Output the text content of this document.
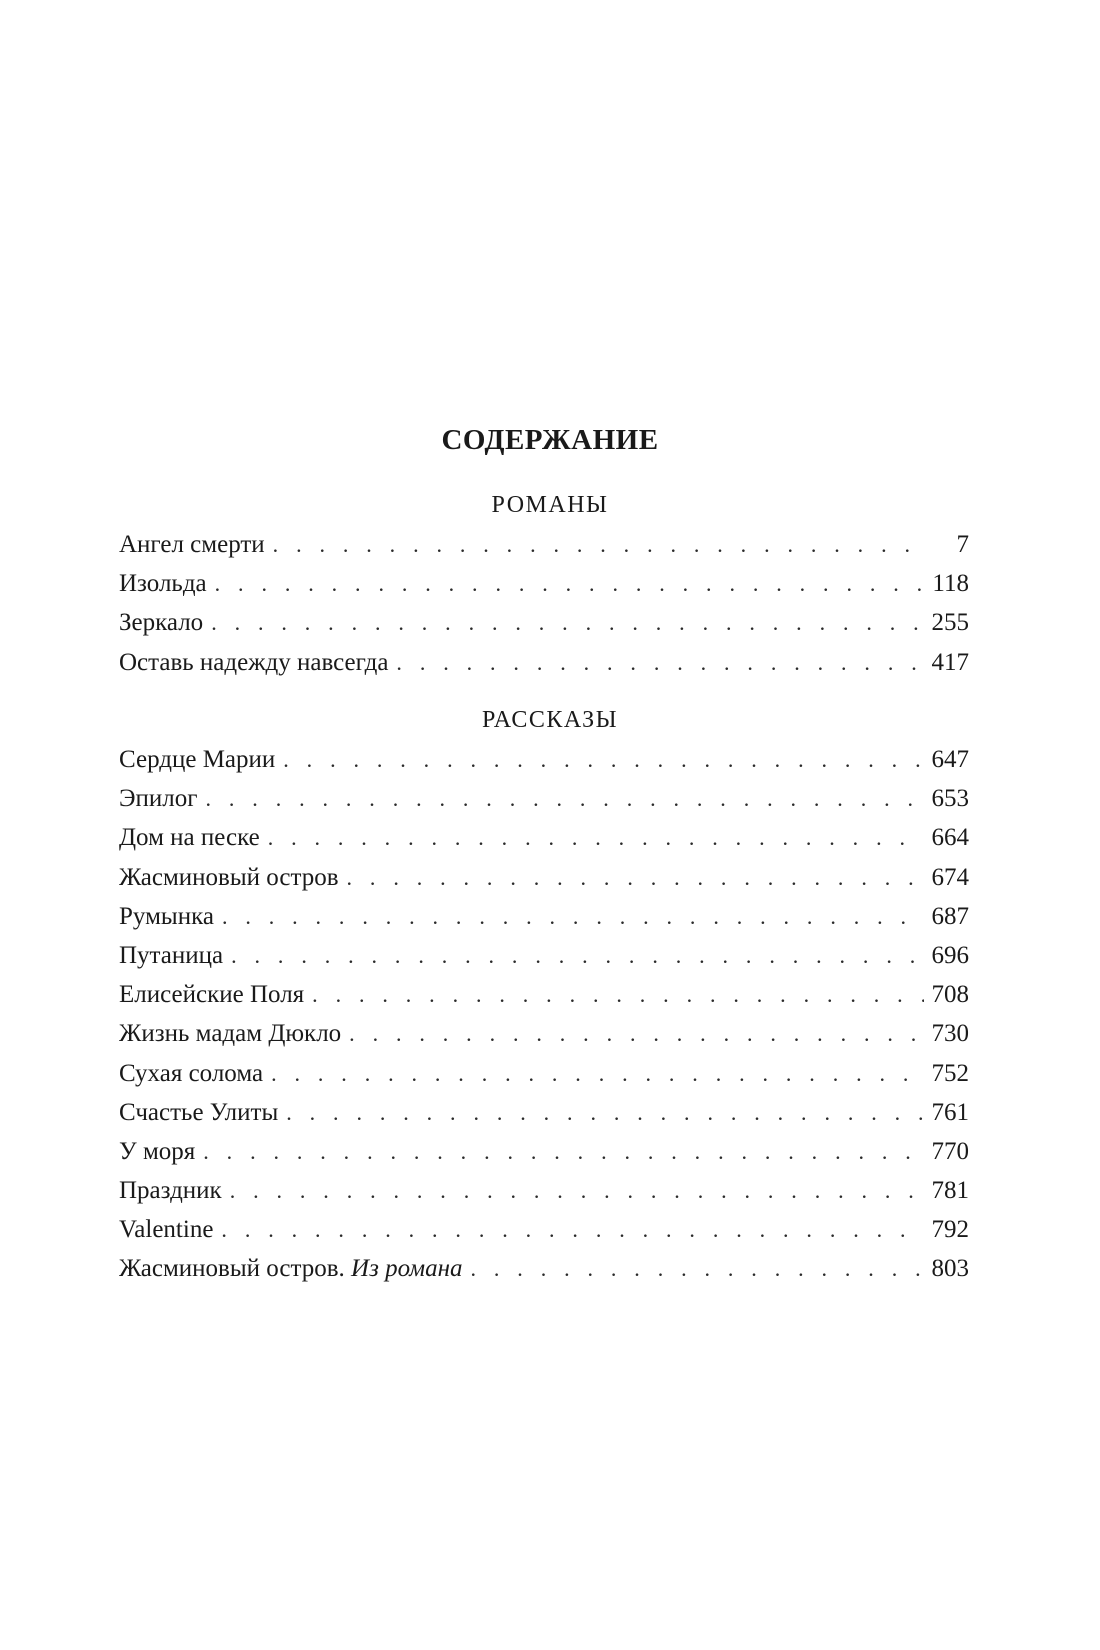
СОДЕРЖАНИЕ
РОМАНЫ
Ангел смерти . . .	7
Изольда . . .	118
Зеркало . . .	255
Оставь надежду навсегда . . .	417
РАССКАЗЫ
Сердце Марии . . .	647
Эпилог . . .	653
Дом на песке . . .	664
Жасминовый остров . . .	674
Румынка . . .	687
Путаница . . .	696
Елисейские Поля . . .	708
Жизнь мадам Дюкло . . .	730
Сухая солома . . .	752
Счастье Улиты . . .	761
У моря . . .	770
Праздник . . .	781
Valentine . . .	792
Жасминовый остров. Из романа . . .	803
